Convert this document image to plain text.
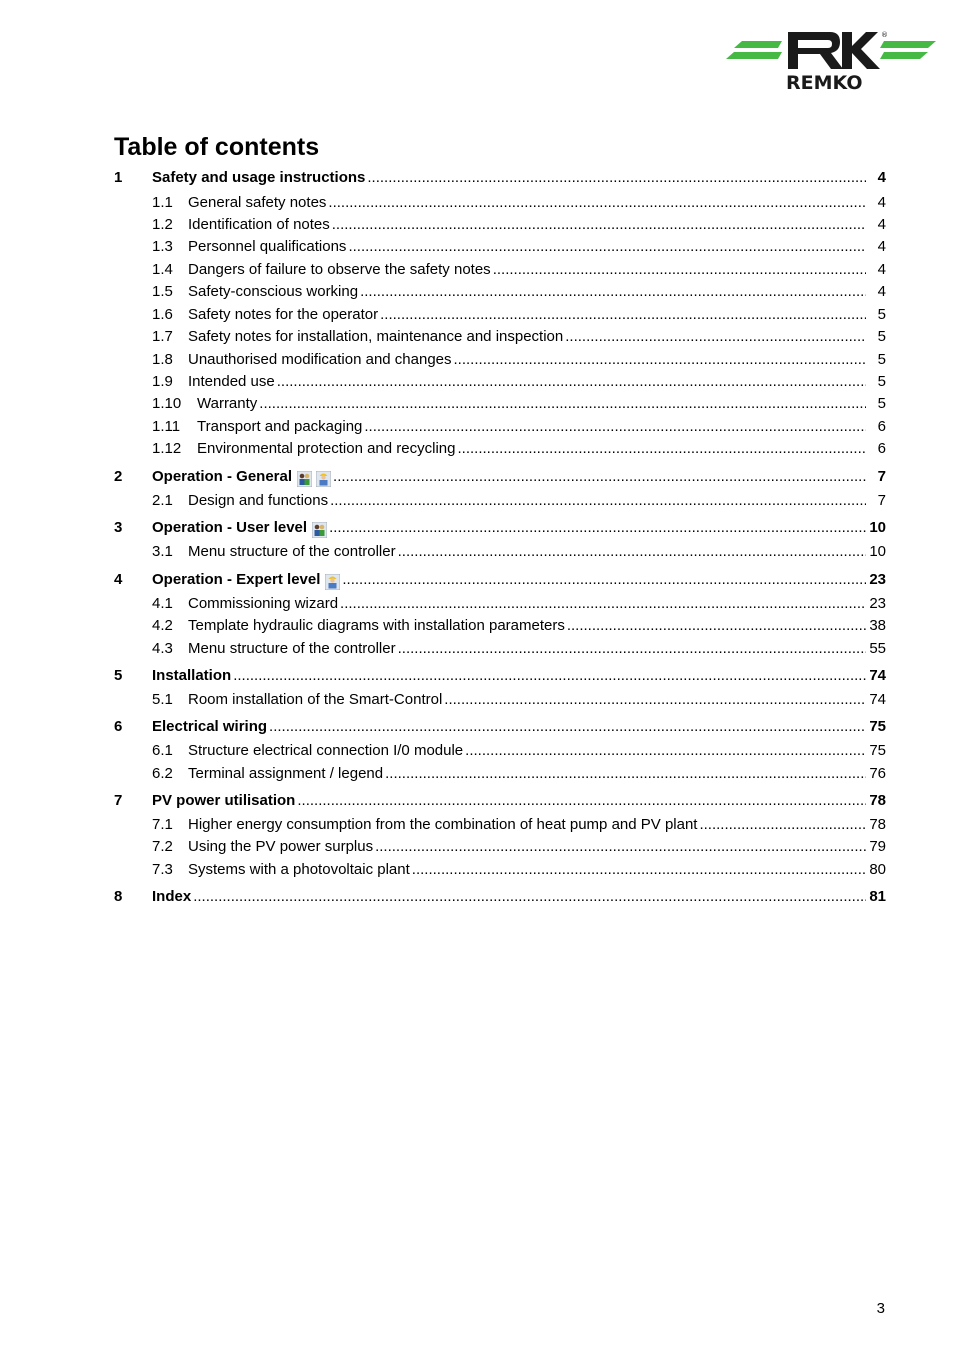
REMKO
®
Table of contents
1	Safety and usage instructions .....	4
1.1	General safety notes .....	4
1.2	Identification of notes .....	4
1.3	Personnel qualifications .....	4
1.4	Dangers of failure to observe the safety notes .....	4
1.5	Safety-conscious working .....	4
1.6	Safety notes for the operator .....	5
1.7	Safety notes for installation, maintenance and inspection .....	5
1.8	Unauthorised modification and changes .....	5
1.9	Intended use .....	5
1.10	Warranty .....	5
1.11	Transport and packaging .....	6
1.12	Environmental protection and recycling .....	6
2	Operation - General .....	7
2.1	Design and functions .....	7
3	Operation - User level .....	10
3.1	Menu structure of the controller .....	10
4	Operation - Expert level .....	23
4.1	Commissioning wizard .....	23
4.2	Template hydraulic diagrams with installation parameters .....	38
4.3	Menu structure of the controller .....	55
5	Installation .....	74
5.1	Room installation of the Smart-Control .....	74
6	Electrical wiring .....	75
6.1	Structure electrical connection I/0 module .....	75
6.2	Terminal assignment / legend .....	76
7	PV power utilisation .....	78
7.1	Higher energy consumption from the combination of heat pump and PV plant .....	78
7.2	Using the PV power surplus .....	79
7.3	Systems with a photovoltaic plant .....	80
8	Index .....	81
3
